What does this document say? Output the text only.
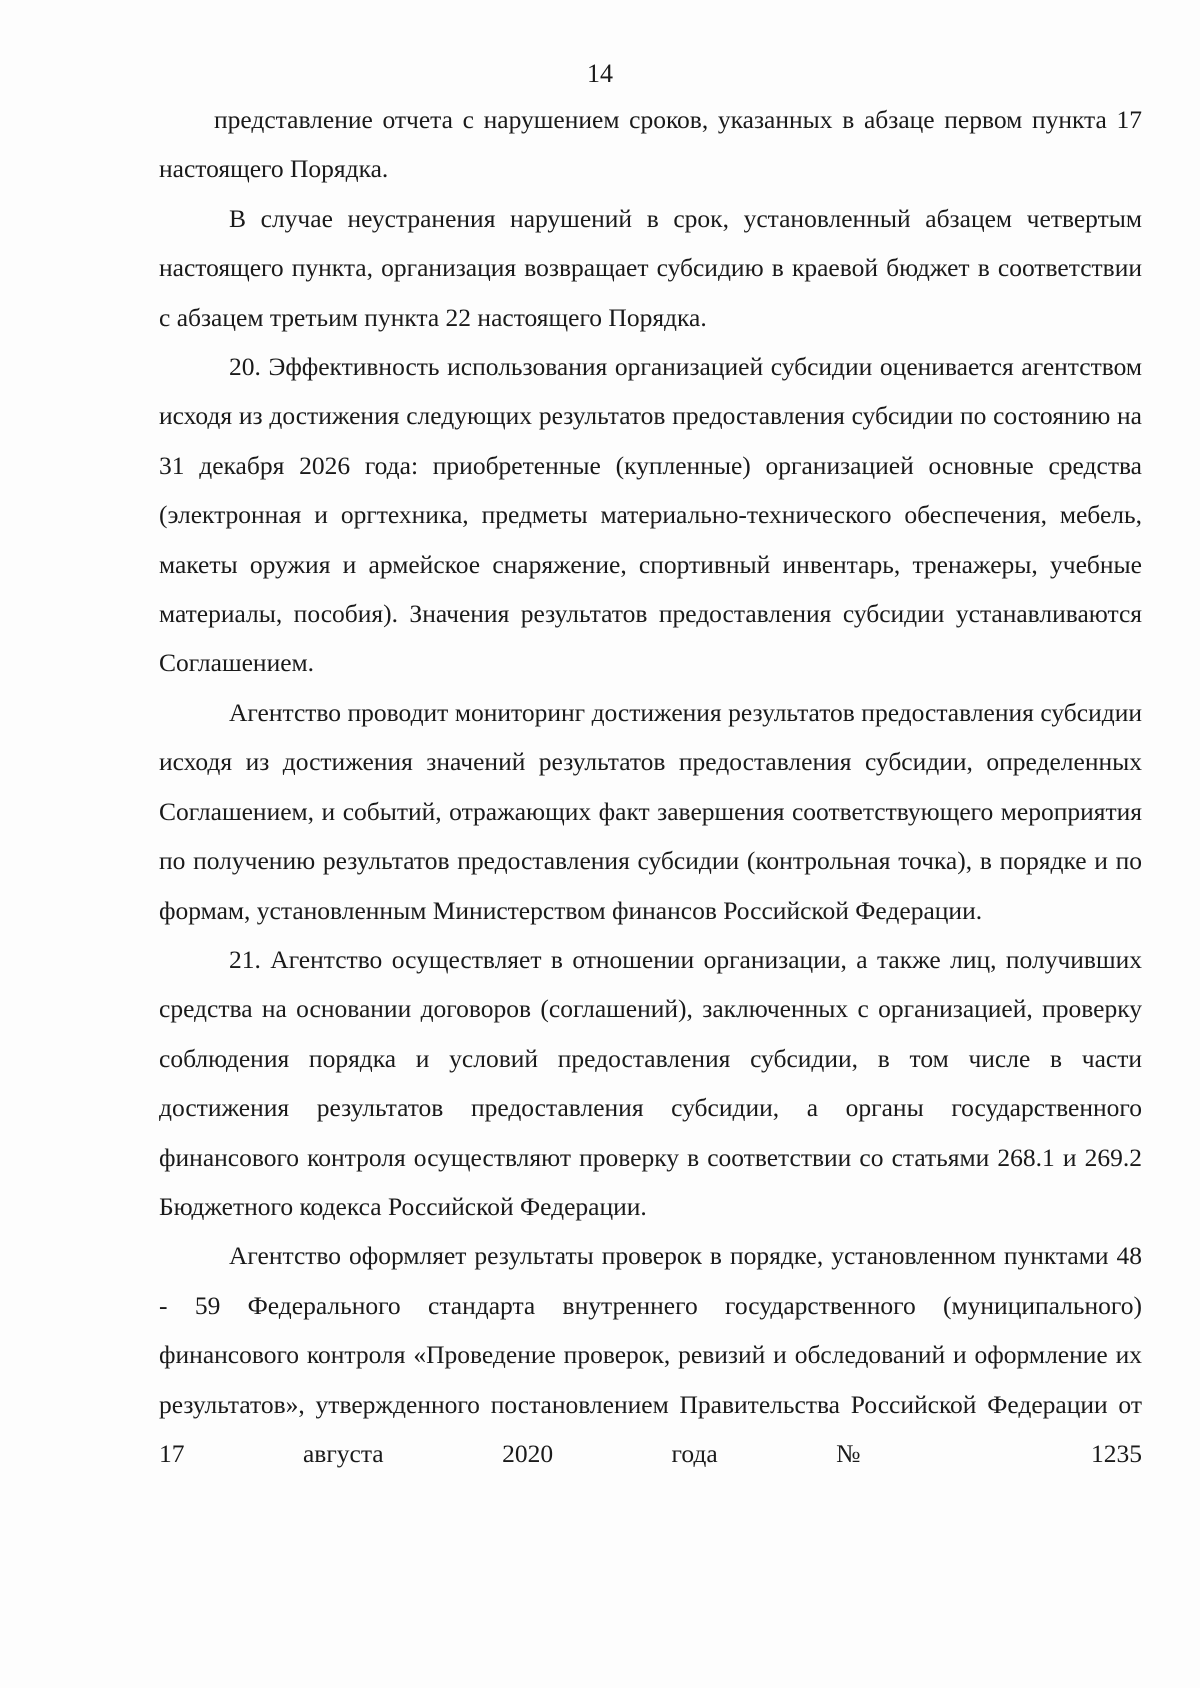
14

представление отчета с нарушением сроков, указанных в абзаце первом пункта 17 настоящего Порядка.

В случае неустранения нарушений в срок, установленный абзацем четвертым настоящего пункта, организация возвращает субсидию в краевой бюджет в соответствии с абзацем третьим пункта 22 настоящего Порядка.

20. Эффективность использования организацией субсидии оценивается агентством исходя из достижения следующих результатов предоставления субсидии по состоянию на 31 декабря 2026 года: приобретенные (купленные) организацией основные средства (электронная и оргтехника, предметы материально-технического обеспечения, мебель, макеты оружия и армейское снаряжение, спортивный инвентарь, тренажеры, учебные материалы, пособия). Значения результатов предоставления субсидии устанавливаются Соглашением.

Агентство проводит мониторинг достижения результатов предоставления субсидии исходя из достижения значений результатов предоставления субсидии, определенных Соглашением, и событий, отражающих факт завершения соответствующего мероприятия по получению результатов предоставления субсидии (контрольная точка), в порядке и по формам, установленным Министерством финансов Российской Федерации.

21. Агентство осуществляет в отношении организации, а также лиц, получивших средства на основании договоров (соглашений), заключенных с организацией, проверку соблюдения порядка и условий предоставления субсидии, в том числе в части достижения результатов предоставления субсидии, а органы государственного финансового контроля осуществляют проверку в соответствии со статьями 268.1 и 269.2 Бюджетного кодекса Российской Федерации.

Агентство оформляет результаты проверок в порядке, установленном пунктами 48 - 59 Федерального стандарта внутреннего государственного (муниципального) финансового контроля «Проведение проверок, ревизий и обследований и оформление их результатов», утвержденного постановлением Правительства Российской Федерации от 17 августа 2020 года № 1235
